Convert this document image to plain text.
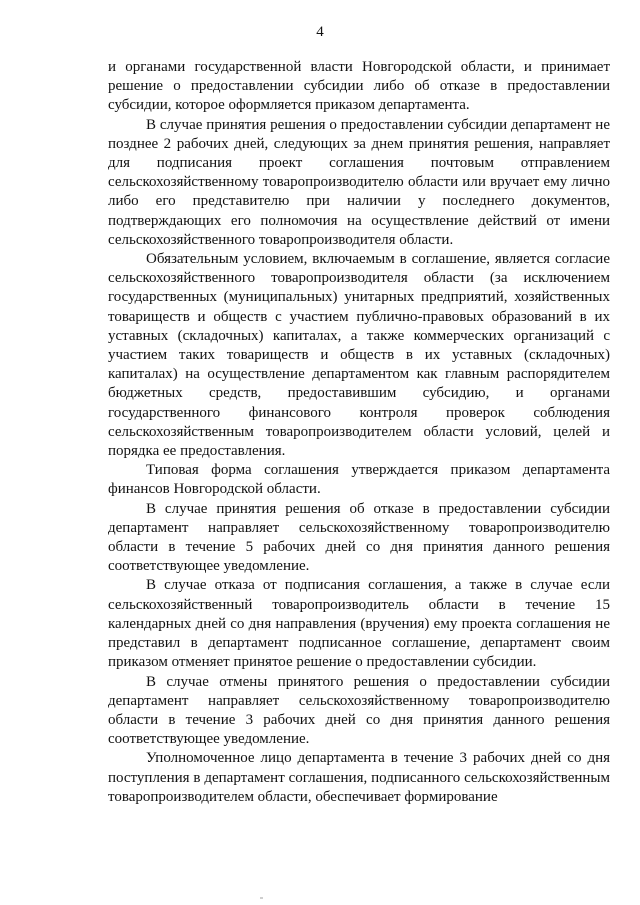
4

и органами государственной власти Новгородской области, и принимает решение о предоставлении субсидии либо об отказе в предоставлении субсидии, которое оформляется приказом департамента.

В случае принятия решения о предоставлении субсидии департамент не позднее 2 рабочих дней, следующих за днем принятия решения, направляет для подписания проект соглашения почтовым отправлением сельскохозяйственному товаропроизводителю области или вручает ему лично либо его представителю при наличии у последнего документов, подтверждающих его полномочия на осуществление действий от имени сельскохозяйственного товаропроизводителя области.

Обязательным условием, включаемым в соглашение, является согласие сельскохозяйственного товаропроизводителя области (за исключением государственных (муниципальных) унитарных предприятий, хозяйственных товариществ и обществ с участием публично-правовых образований в их уставных (складочных) капиталах, а также коммерческих организаций с участием таких товариществ и обществ в их уставных (складочных) капиталах) на осуществление департаментом как главным распорядителем бюджетных средств, предоставившим субсидию, и органами государственного финансового контроля проверок соблюдения сельскохозяйственным товаропроизводителем области условий, целей и порядка ее предоставления.

Типовая форма соглашения утверждается приказом департамента финансов Новгородской области.

В случае принятия решения об отказе в предоставлении субсидии департамент направляет сельскохозяйственному товаропроизводителю области в течение 5 рабочих дней со дня принятия данного решения соответствующее уведомление.

В случае отказа от подписания соглашения, а также в случае если сельскохозяйственный товаропроизводитель области в течение 15 календарных дней со дня направления (вручения) ему проекта соглашения не представил в департамент подписанное соглашение, департамент своим приказом отменяет принятое решение о предоставлении субсидии.

В случае отмены принятого решения о предоставлении субсидии департамент направляет сельскохозяйственному товаропроизводителю области в течение 3 рабочих дней со дня принятия данного решения соответствующее уведомление.

Уполномоченное лицо департамента в течение 3 рабочих дней со дня поступления в департамент соглашения, подписанного сельскохозяйственным товаропроизводителем области, обеспечивает формирование
